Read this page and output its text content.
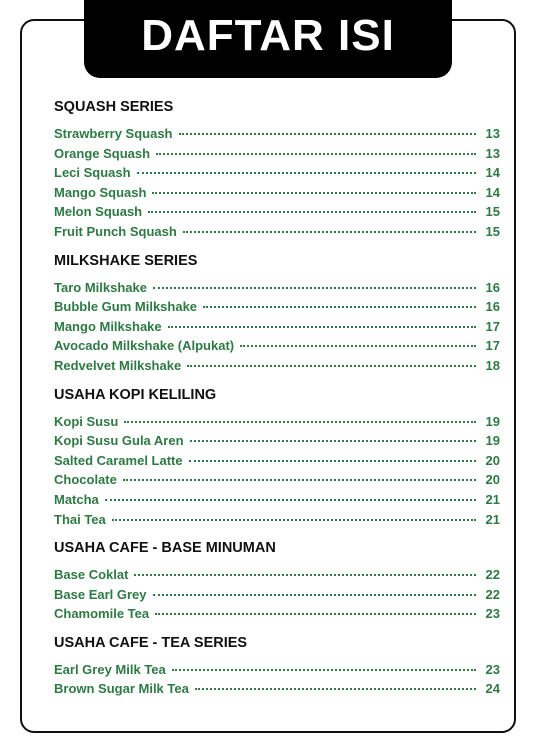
DAFTAR ISI
SQUASH SERIES
Strawberry Squash	13
Orange Squash	13
Leci Squash	14
Mango Squash	14
Melon Squash	15
Fruit Punch Squash	15
MILKSHAKE SERIES
Taro Milkshake	16
Bubble Gum Milkshake	16
Mango Milkshake	17
Avocado Milkshake (Alpukat)	17
Redvelvet Milkshake	18
USAHA KOPI KELILING
Kopi Susu	19
Kopi Susu Gula Aren	19
Salted Caramel Latte	20
Chocolate	20
Matcha	21
Thai Tea	21
USAHA CAFE - BASE MINUMAN
Base Coklat	22
Base Earl Grey	22
Chamomile Tea	23
USAHA CAFE - TEA SERIES
Earl Grey Milk Tea	23
Brown Sugar Milk Tea	24
